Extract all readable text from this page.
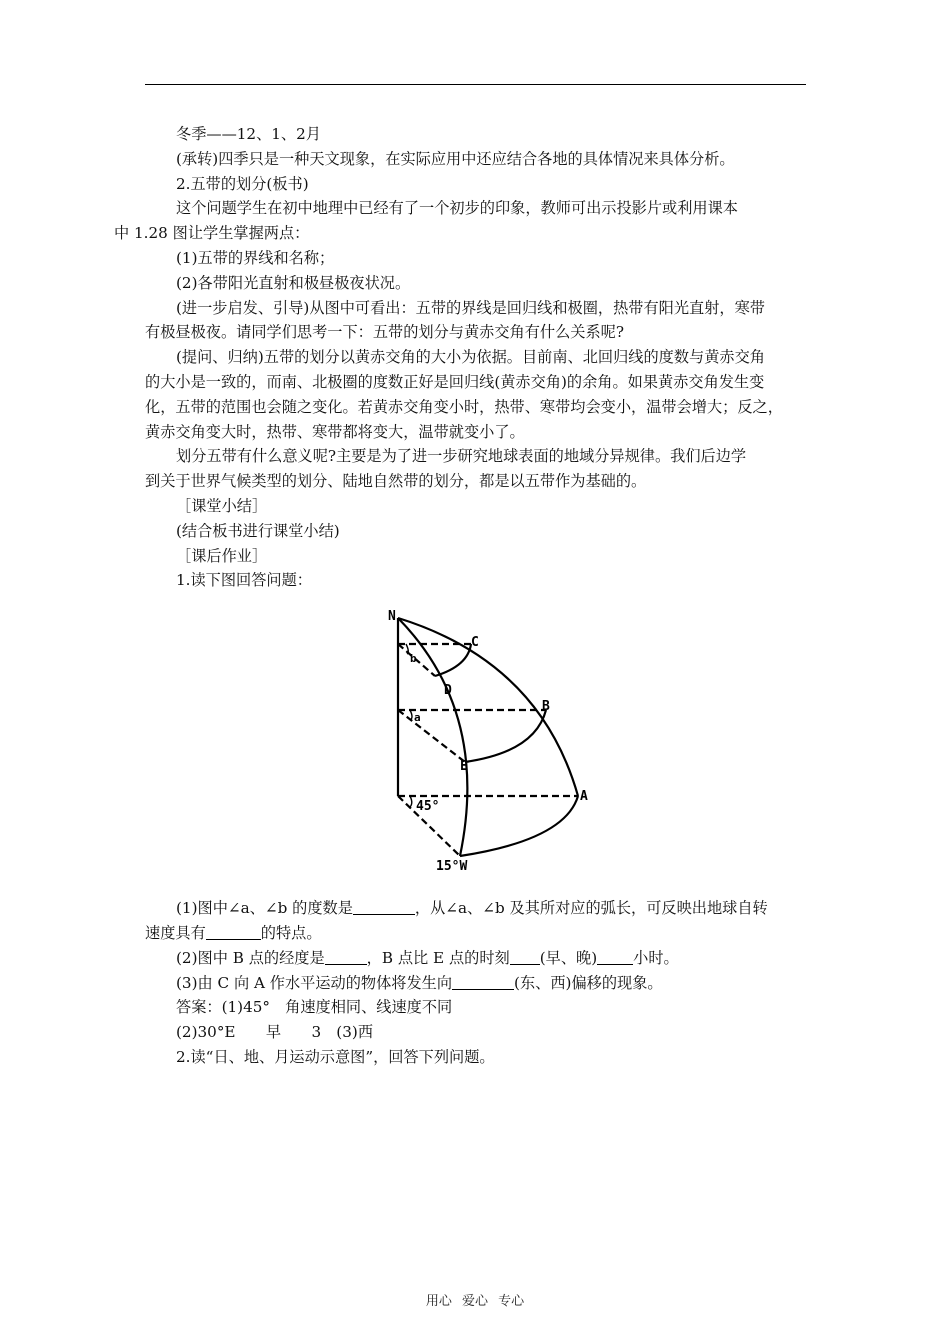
冬季——12、1、2月

(承转)四季只是一种天文现象，在实际应用中还应结合各地的具体情况来具体分析。

2.五带的划分(板书)

这个问题学生在初中地理中已经有了一个初步的印象，教师可出示投影片或利用课本
中 1.28 图让学生掌握两点：

(1)五带的界线和名称；

(2)各带阳光直射和极昼极夜状况。

(进一步启发、引导)从图中可看出：五带的界线是回归线和极圈，热带有阳光直射，寒带
有极昼极夜。请同学们思考一下：五带的划分与黄赤交角有什么关系呢?

(提问、归纳)五带的划分以黄赤交角的大小为依据。目前南、北回归线的度数与黄赤交角
的大小是一致的，而南、北极圈的度数正好是回归线(黄赤交角)的余角。如果黄赤交角发生变
化，五带的范围也会随之变化。若黄赤交角变小时，热带、寒带均会变小，温带会增大；反之，
黄赤交角变大时，热带、寒带都将变大，温带就变小了。

划分五带有什么意义呢?主要是为了进一步研究地球表面的地域分异规律。我们后边学
到关于世界气候类型的划分、陆地自然带的划分，都是以五带作为基础的。

［课堂小结］

(结合板书进行课堂小结)

［课后作业］

1.读下图回答问题：

(1)图中∠a、∠b 的度数是	，从∠a、∠b 及其所对应的弧长，可反映出地球自转
速度具有	的特点。

(2)图中 B 点的经度是	，B 点比 E 点的时刻 (早、晚) 小时。

(3)由 C 向 A 作水平运动的物体将发生向	(东、西)偏移的现象。

答案：(1)45°　角速度相同、线速度不同

(2)30°E　　早　　3　(3)西

2.读“日、地、月运动示意图”，回答下列问题。

N
C
b
D
B
a
E
A
45°
15°W
用心 爱心 专心
